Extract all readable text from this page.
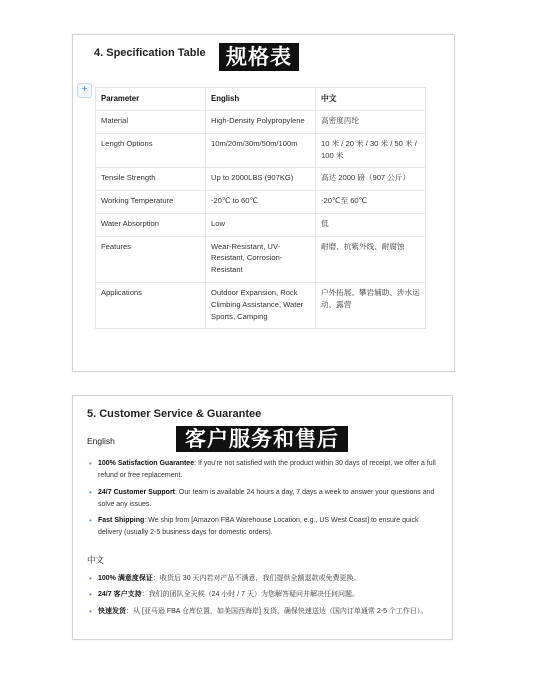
4. Specification Table 规格表
+
Parameter	English	中文
Material	High-Density Polypropylene	高密度丙纶
Length Options	10m/20m/30m/50m/100m	10 米 / 20 米 / 30 米 / 50 米 / 100 米
Tensile Strength	Up to 2000LBS (907KG)	高达 2000 磅（907 公斤）
Working Temperature	-20℃ to 60℃	-20℃至 60℃
Water Absorption	Low	低
Features	Wear-Resistant, UV-Resistant, Corrosion-Resistant	耐磨、抗紫外线、耐腐蚀
Applications	Outdoor Expansion, Rock Climbing Assistance, Water Sports, Camping	户外拓展、攀岩辅助、涉水运动、露营
5. Customer Service & Guarantee
客户服务和售后
English
• 100% Satisfaction Guarantee: If you're not satisfied with the product within 30 days of receipt, we offer a full refund or free replacement.
• 24/7 Customer Support: Our team is available 24 hours a day, 7 days a week to answer your questions and solve any issues.
• Fast Shipping: We ship from [Amazon FBA Warehouse Location, e.g., US West Coast] to ensure quick delivery (usually 2-5 business days for domestic orders).
中文
• 100% 满意度保证：收货后 30 天内若对产品不满意，我们提供全额退款或免费更换。
• 24/7 客户支持：我们的团队全天候（24 小时 / 7 天）为您解答疑问并解决任何问题。
• 快速发货：从 [亚马逊 FBA 仓库位置，如美国西海岸] 发货，确保快速送达（国内订单通常 2-5 个工作日）。
